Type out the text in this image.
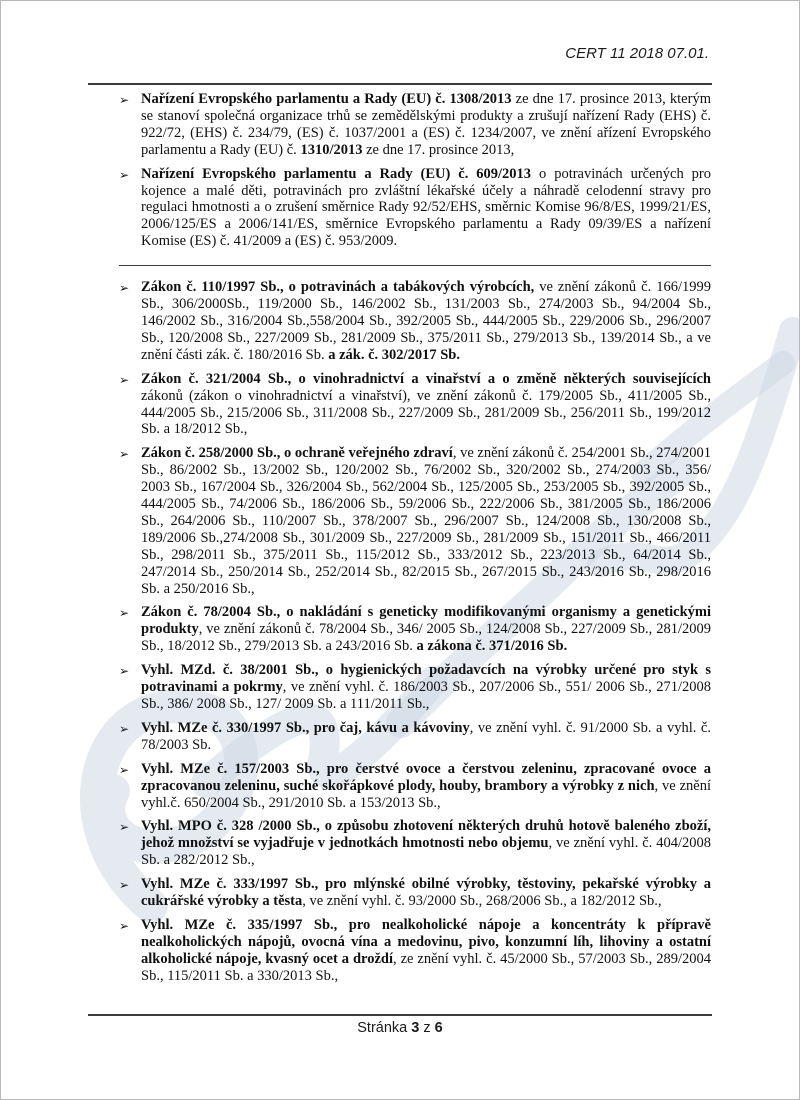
CERT 11 2018 07.01.
➢ Nařízení Evropského parlamentu a Rady (EU) č. 1308/2013 ze dne 17. prosince 2013, kterým se stanoví společná organizace trhů se zemědělskými produkty a zrušují nařízení Rady (EHS) č. 922/72, (EHS) č. 234/79, (ES) č. 1037/2001 a (ES) č. 1234/2007, ve znění ařízení Evropského parlamentu a Rady (EU) č. 1310/2013 ze dne 17. prosince 2013,
➢ Nařízení Evropského parlamentu a Rady (EU) č. 609/2013 o potravinách určených pro kojence a malé děti, potravinách pro zvláštní lékařské účely a náhradě celodenní stravy pro regulaci hmotnosti a o zrušení směrnice Rady 92/52/EHS, směrnic Komise 96/8/ES, 1999/21/ES, 2006/125/ES a 2006/141/ES, směrnice Evropského parlamentu a Rady 09/39/ES a nařízení Komise (ES) č. 41/2009 a (ES) č. 953/2009.
➢ Zákon č. 110/1997 Sb., o potravinách a tabákových výrobcích, ve znění zákonů č. 166/1999 Sb., 306/2000Sb., 119/2000 Sb., 146/2002 Sb., 131/2003 Sb., 274/2003 Sb., 94/2004 Sb., 146/2002 Sb., 316/2004 Sb.,558/2004 Sb., 392/2005 Sb., 444/2005 Sb., 229/2006 Sb., 296/2007 Sb., 120/2008 Sb., 227/2009 Sb., 281/2009 Sb., 375/2011 Sb., 279/2013 Sb., 139/2014 Sb., a ve znění části zák. č. 180/2016 Sb. a zák. č. 302/2017 Sb.
➢ Zákon č. 321/2004 Sb., o vinohradnictví a vinařství a o změně některých souvisejících zákonů (zákon o vinohradnictví a vinařství), ve znění zákonů č. 179/2005 Sb., 411/2005 Sb., 444/2005 Sb., 215/2006 Sb., 311/2008 Sb., 227/2009 Sb., 281/2009 Sb., 256/2011 Sb., 199/2012 Sb. a 18/2012 Sb.,
➢ Zákon č. 258/2000 Sb., o ochraně veřejného zdraví, ve znění zákonů č. 254/2001 Sb., 274/2001 Sb., 86/2002 Sb., 13/2002 Sb., 120/2002 Sb., 76/2002 Sb., 320/2002 Sb., 274/2003 Sb., 356/ 2003 Sb., 167/2004 Sb., 326/2004 Sb., 562/2004 Sb., 125/2005 Sb., 253/2005 Sb., 392/2005 Sb., 444/2005 Sb., 74/2006 Sb., 186/2006 Sb., 59/2006 Sb., 222/2006 Sb., 381/2005 Sb., 186/2006 Sb., 264/2006 Sb., 110/2007 Sb., 378/2007 Sb., 296/2007 Sb., 124/2008 Sb., 130/2008 Sb., 189/2006 Sb.,274/2008 Sb., 301/2009 Sb., 227/2009 Sb., 281/2009 Sb., 151/2011 Sb., 466/2011 Sb., 298/2011 Sb., 375/2011 Sb., 115/2012 Sb., 333/2012 Sb., 223/2013 Sb., 64/2014 Sb., 247/2014 Sb., 250/2014 Sb., 252/2014 Sb., 82/2015 Sb., 267/2015 Sb., 243/2016 Sb., 298/2016 Sb. a 250/2016 Sb.,
➢ Zákon č. 78/2004 Sb., o nakládání s geneticky modifikovanými organismy a genetickými produkty, ve znění zákonů č. 78/2004 Sb., 346/ 2005 Sb., 124/2008 Sb., 227/2009 Sb., 281/2009 Sb., 18/2012 Sb., 279/2013 Sb. a 243/2016 Sb. a zákona č. 371/2016 Sb.
➢ Vyhl. MZd. č. 38/2001 Sb., o hygienických požadavcích na výrobky určené pro styk s potravinami a pokrmy, ve znění vyhl. č. 186/2003 Sb., 207/2006 Sb., 551/ 2006 Sb., 271/2008 Sb., 386/ 2008 Sb., 127/ 2009 Sb. a 111/2011 Sb.,
➢ Vyhl. MZe č. 330/1997 Sb., pro čaj, kávu a kávoviny, ve znění vyhl. č. 91/2000 Sb. a vyhl. č. 78/2003 Sb.
➢ Vyhl. MZe č. 157/2003 Sb., pro čerstvé ovoce a čerstvou zeleninu, zpracované ovoce a zpracovanou zeleninu, suché skořápkové plody, houby, brambory a výrobky z nich, ve znění vyhl.č. 650/2004 Sb., 291/2010 Sb. a 153/2013 Sb.,
➢ Vyhl. MPO č. 328 /2000 Sb., o způsobu zhotovení některých druhů hotově baleného zboží, jehož množství se vyjadřuje v jednotkách hmotnosti nebo objemu, ve znění vyhl. č. 404/2008 Sb. a 282/2012 Sb.,
➢ Vyhl. MZe č. 333/1997 Sb., pro mlýnské obilné výrobky, těstoviny, pekařské výrobky a cukrářské výrobky a těsta, ve znění vyhl. č. 93/2000 Sb., 268/2006 Sb., a 182/2012 Sb.,
➢ Vyhl. MZe č. 335/1997 Sb., pro nealkoholické nápoje a koncentráty k přípravě nealkoholických nápojů, ovocná vína a medovinu, pivo, konzumní líh, lihoviny a ostatní alkoholické nápoje, kvasný ocet a droždí, ze znění vyhl. č. 45/2000 Sb., 57/2003 Sb., 289/2004 Sb., 115/2011 Sb. a 330/2013 Sb.,
Stránka 3 z 6
